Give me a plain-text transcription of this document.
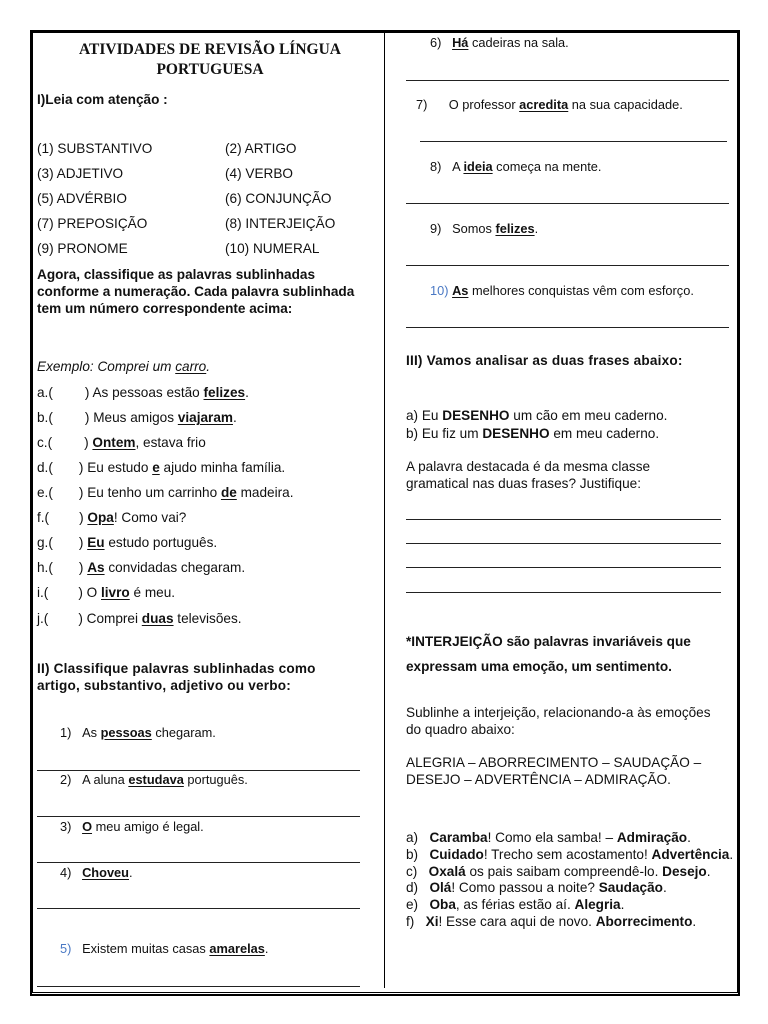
ATIVIDADES DE REVISÃO LÍNGUA PORTUGUESA
I)Leia com atenção :
(1) SUBSTANTIVO	(2) ARTIGO
(3) ADJETIVO	(4) VERBO
(5) ADVÉRBIO	(6) CONJUNÇÃO
(7) PREPOSIÇÃO	(8) INTERJEIÇÃO
(9) PRONOME	(10) NUMERAL
Agora, classifique as palavras sublinhadas conforme a numeração. Cada palavra sublinhada tem um número correspondente acima:
Exemplo: Comprei um carro.
a.( ) As pessoas estão felizes.
b.( ) Meus amigos viajaram.
c.( ) Ontem, estava frio
d.( ) Eu estudo e ajudo minha família.
e.( ) Eu tenho um carrinho de madeira.
f.( ) Opa! Como vai?
g.( ) Eu estudo português.
h.( ) As convidadas chegaram.
i.( ) O livro é meu.
j.( ) Comprei duas televisões.
II) Classifique palavras sublinhadas como artigo, substantivo, adjetivo ou verbo:
1) As pessoas chegaram.
2) A aluna estudava português.
3) O meu amigo é legal.
4) Choveu.
5) Existem muitas casas amarelas.
6) Há cadeiras na sala.
7) O professor acredita na sua capacidade.
8) A ideia começa na mente.
9) Somos felizes.
10) As melhores conquistas vêm com esforço.
III) Vamos analisar as duas frases abaixo:
a) Eu DESENHO um cão em meu caderno.
b) Eu fiz um DESENHO em meu caderno.
A palavra destacada é da mesma classe gramatical nas duas frases? Justifique:
*INTERJEIÇÃO são palavras invariáveis que expressam uma emoção, um sentimento.
Sublinhe a interjeição, relacionando-a às emoções do quadro abaixo:
ALEGRIA – ABORRECIMENTO – SAUDAÇÃO – DESEJO – ADVERTÊNCIA – ADMIRAÇÃO.
a) Caramba! Como ela samba! – Admiração.
b) Cuidado! Trecho sem acostamento! Advertência.
c) Oxalá os pais saibam compreendê-lo. Desejo.
d) Olá! Como passou a noite? Saudação.
e) Oba, as férias estão aí. Alegria.
f) Xi! Esse cara aqui de novo. Aborrecimento.
